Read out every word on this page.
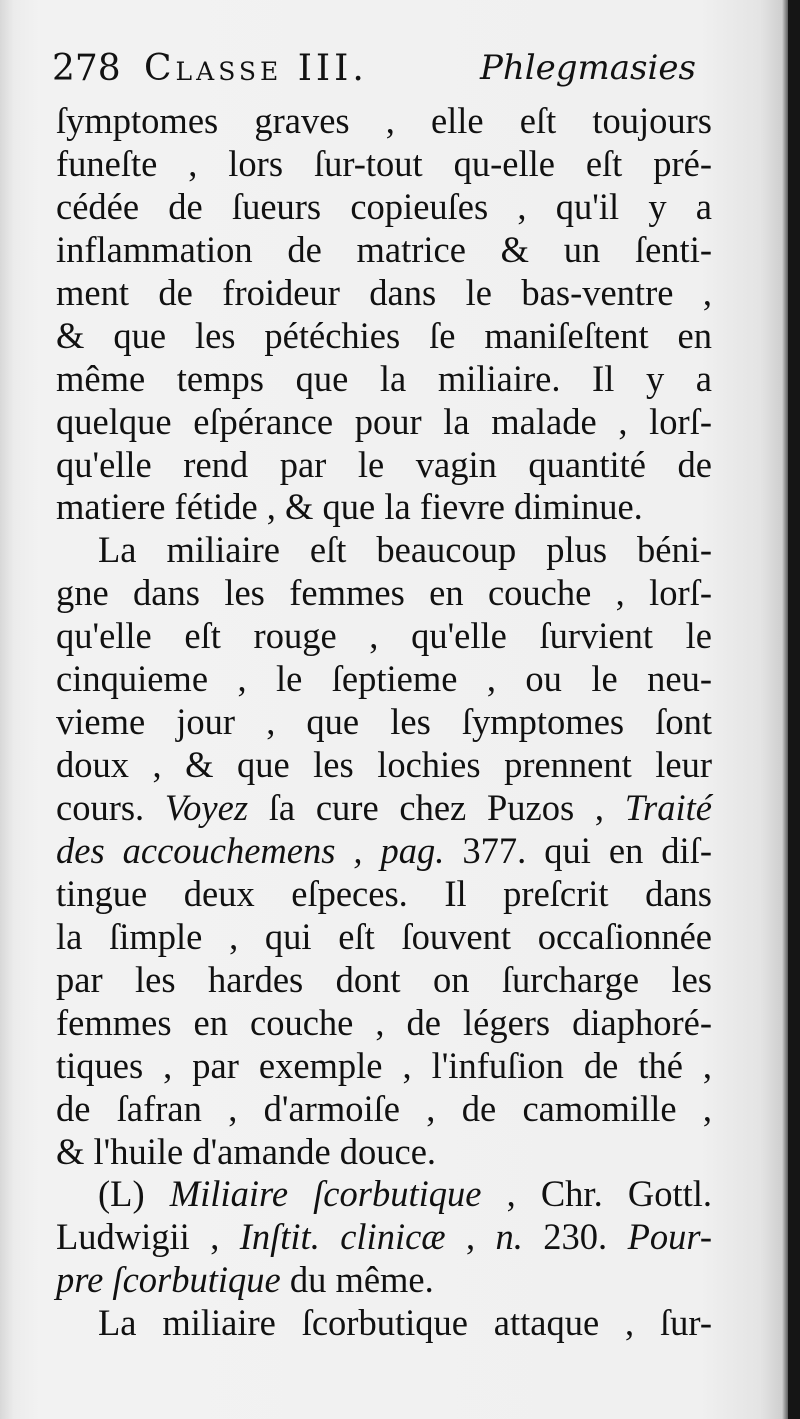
278 Classe III.	Phlegmasies
ſymptomes graves , elle eſt toujours
funeſte , lors ſur-tout qu-elle eſt pré-
cédée de ſueurs copieuſes , qu'il y a
inflammation de matrice & un ſenti-
ment de froideur dans le bas-ventre ,
& que les pétéchies ſe maniſeſtent en
même temps que la miliaire. Il y a
quelque eſpérance pour la malade , lorſ-
qu'elle rend par le vagin quantité de
matiere fétide , & que la fievre diminue.
La miliaire eſt beaucoup plus béni-
gne dans les femmes en couche , lorſ-
qu'elle eſt rouge , qu'elle ſurvient le
cinquieme , le ſeptieme , ou le neu-
vieme jour , que les ſymptomes ſont
doux , & que les lochies prennent leur
cours. Voyez ſa cure chez Puzos , Traité
des accouchemens , pag. 377. qui en diſ-
tingue deux eſpeces. Il preſcrit dans
la ſimple , qui eſt ſouvent occaſionnée
par les hardes dont on ſurcharge les
femmes en couche , de légers diaphoré-
tiques , par exemple , l'infuſion de thé ,
de ſafran , d'armoiſe , de camomille ,
& l'huile d'amande douce.
(L) Miliaire ſcorbutique , Chr. Gottl.
Ludwigii , Inſtit. clinicæ , n. 230. Pour-
pre ſcorbutique du même.
La miliaire ſcorbutique attaque , ſur-
